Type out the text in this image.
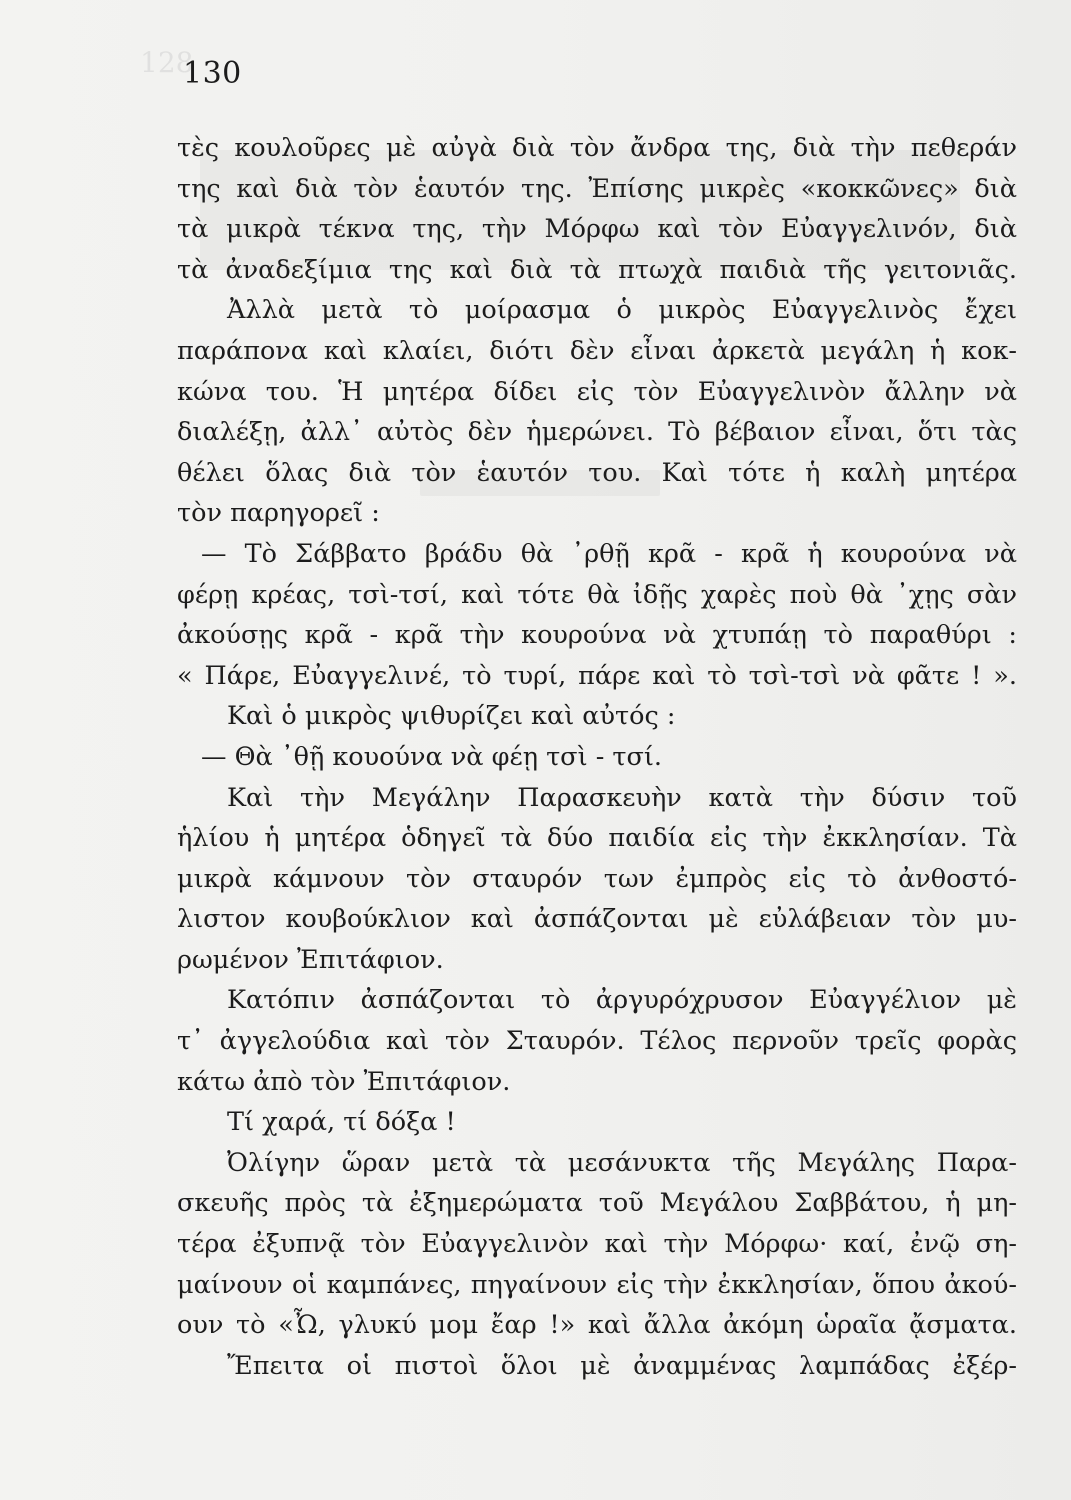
128
130
τὲς κουλοῦρες μὲ αὐγὰ διὰ τὸν ἄνδρα της, διὰ τὴν πεθεράν
της καὶ διὰ τὸν ἑαυτόν της. Ἐπίσης μικρὲς «κοκκῶνες» διὰ
τὰ μικρὰ τέκνα της, τὴν Μόρφω καὶ τὸν Εὐαγγελινόν, διὰ
τὰ ἀναδεξίμια της καὶ διὰ τὰ πτωχὰ παιδιὰ τῆς γειτονιᾶς.
Ἀλλὰ μετὰ τὸ μοίρασμα ὁ μικρὸς Εὐαγγελινὸς ἔχει
παράπονα καὶ κλαίει, διότι δὲν εἶναι ἀρκετὰ μεγάλη ἡ κοκ-
κώνα του. Ἡ μητέρα δίδει εἰς τὸν Εὐαγγελινὸν ἄλλην νὰ
διαλέξῃ, ἀλλ᾽ αὐτὸς δὲν ἡμερώνει. Τὸ βέβαιον εἶναι, ὅτι τὰς
θέλει ὅλας διὰ τὸν ἑαυτόν του. Καὶ τότε ἡ καλὴ μητέρα
τὸν παρηγορεῖ :
— Τὸ Σάββατο βράδυ θὰ ᾽ρθῇ κρᾶ - κρᾶ ἡ κουρούνα νὰ
φέρῃ κρέας, τσὶ-τσί, καὶ τότε θὰ ἰδῇς χαρὲς ποὺ θὰ ᾽χῃς σὰν
ἀκούσῃς κρᾶ - κρᾶ τὴν κουρούνα νὰ χτυπάῃ τὸ παραθύρι :
« Πάρε, Εὐαγγελινέ, τὸ τυρί, πάρε καὶ τὸ τσὶ-τσὶ νὰ φᾶτε ! ».
Καὶ ὁ μικρὸς ψιθυρίζει καὶ αὐτός :
— Θὰ ᾽θῇ κουούνα νὰ φέῃ τσὶ - τσί.
Καὶ τὴν Μεγάλην Παρασκευὴν κατὰ τὴν δύσιν τοῦ
ἡλίου ἡ μητέρα ὁδηγεῖ τὰ δύο παιδία εἰς τὴν ἐκκλησίαν. Τὰ
μικρὰ κάμνουν τὸν σταυρόν των ἐμπρὸς εἰς τὸ ἀνθοστό-
λιστον κουβούκλιον καὶ ἀσπάζονται μὲ εὐλάβειαν τὸν μυ-
ρωμένον Ἐπιτάφιον.
Κατόπιν ἀσπάζονται τὸ ἀργυρόχρυσον Εὐαγγέλιον μὲ
τ᾽ ἀγγελούδια καὶ τὸν Σταυρόν. Τέλος περνοῦν τρεῖς φορὰς
κάτω ἀπὸ τὸν Ἐπιτάφιον.
Τί χαρά, τί δόξα !
Ὀλίγην ὥραν μετὰ τὰ μεσάνυκτα τῆς Μεγάλης Παρα-
σκευῆς πρὸς τὰ ἐξημερώματα τοῦ Μεγάλου Σαββάτου, ἡ μη-
τέρα ἐξυπνᾷ τὸν Εὐαγγελινὸν καὶ τὴν Μόρφω· καί, ἐνῷ ση-
μαίνουν οἱ καμπάνες, πηγαίνουν εἰς τὴν ἐκκλησίαν, ὅπου ἀκού-
ουν τὸ «Ὦ, γλυκύ μομ ἔαρ !» καὶ ἄλλα ἀκόμη ὡραῖα ᾄσματα.
Ἔπειτα οἱ πιστοὶ ὅλοι μὲ ἀναμμένας λαμπάδας ἐξέρ-
